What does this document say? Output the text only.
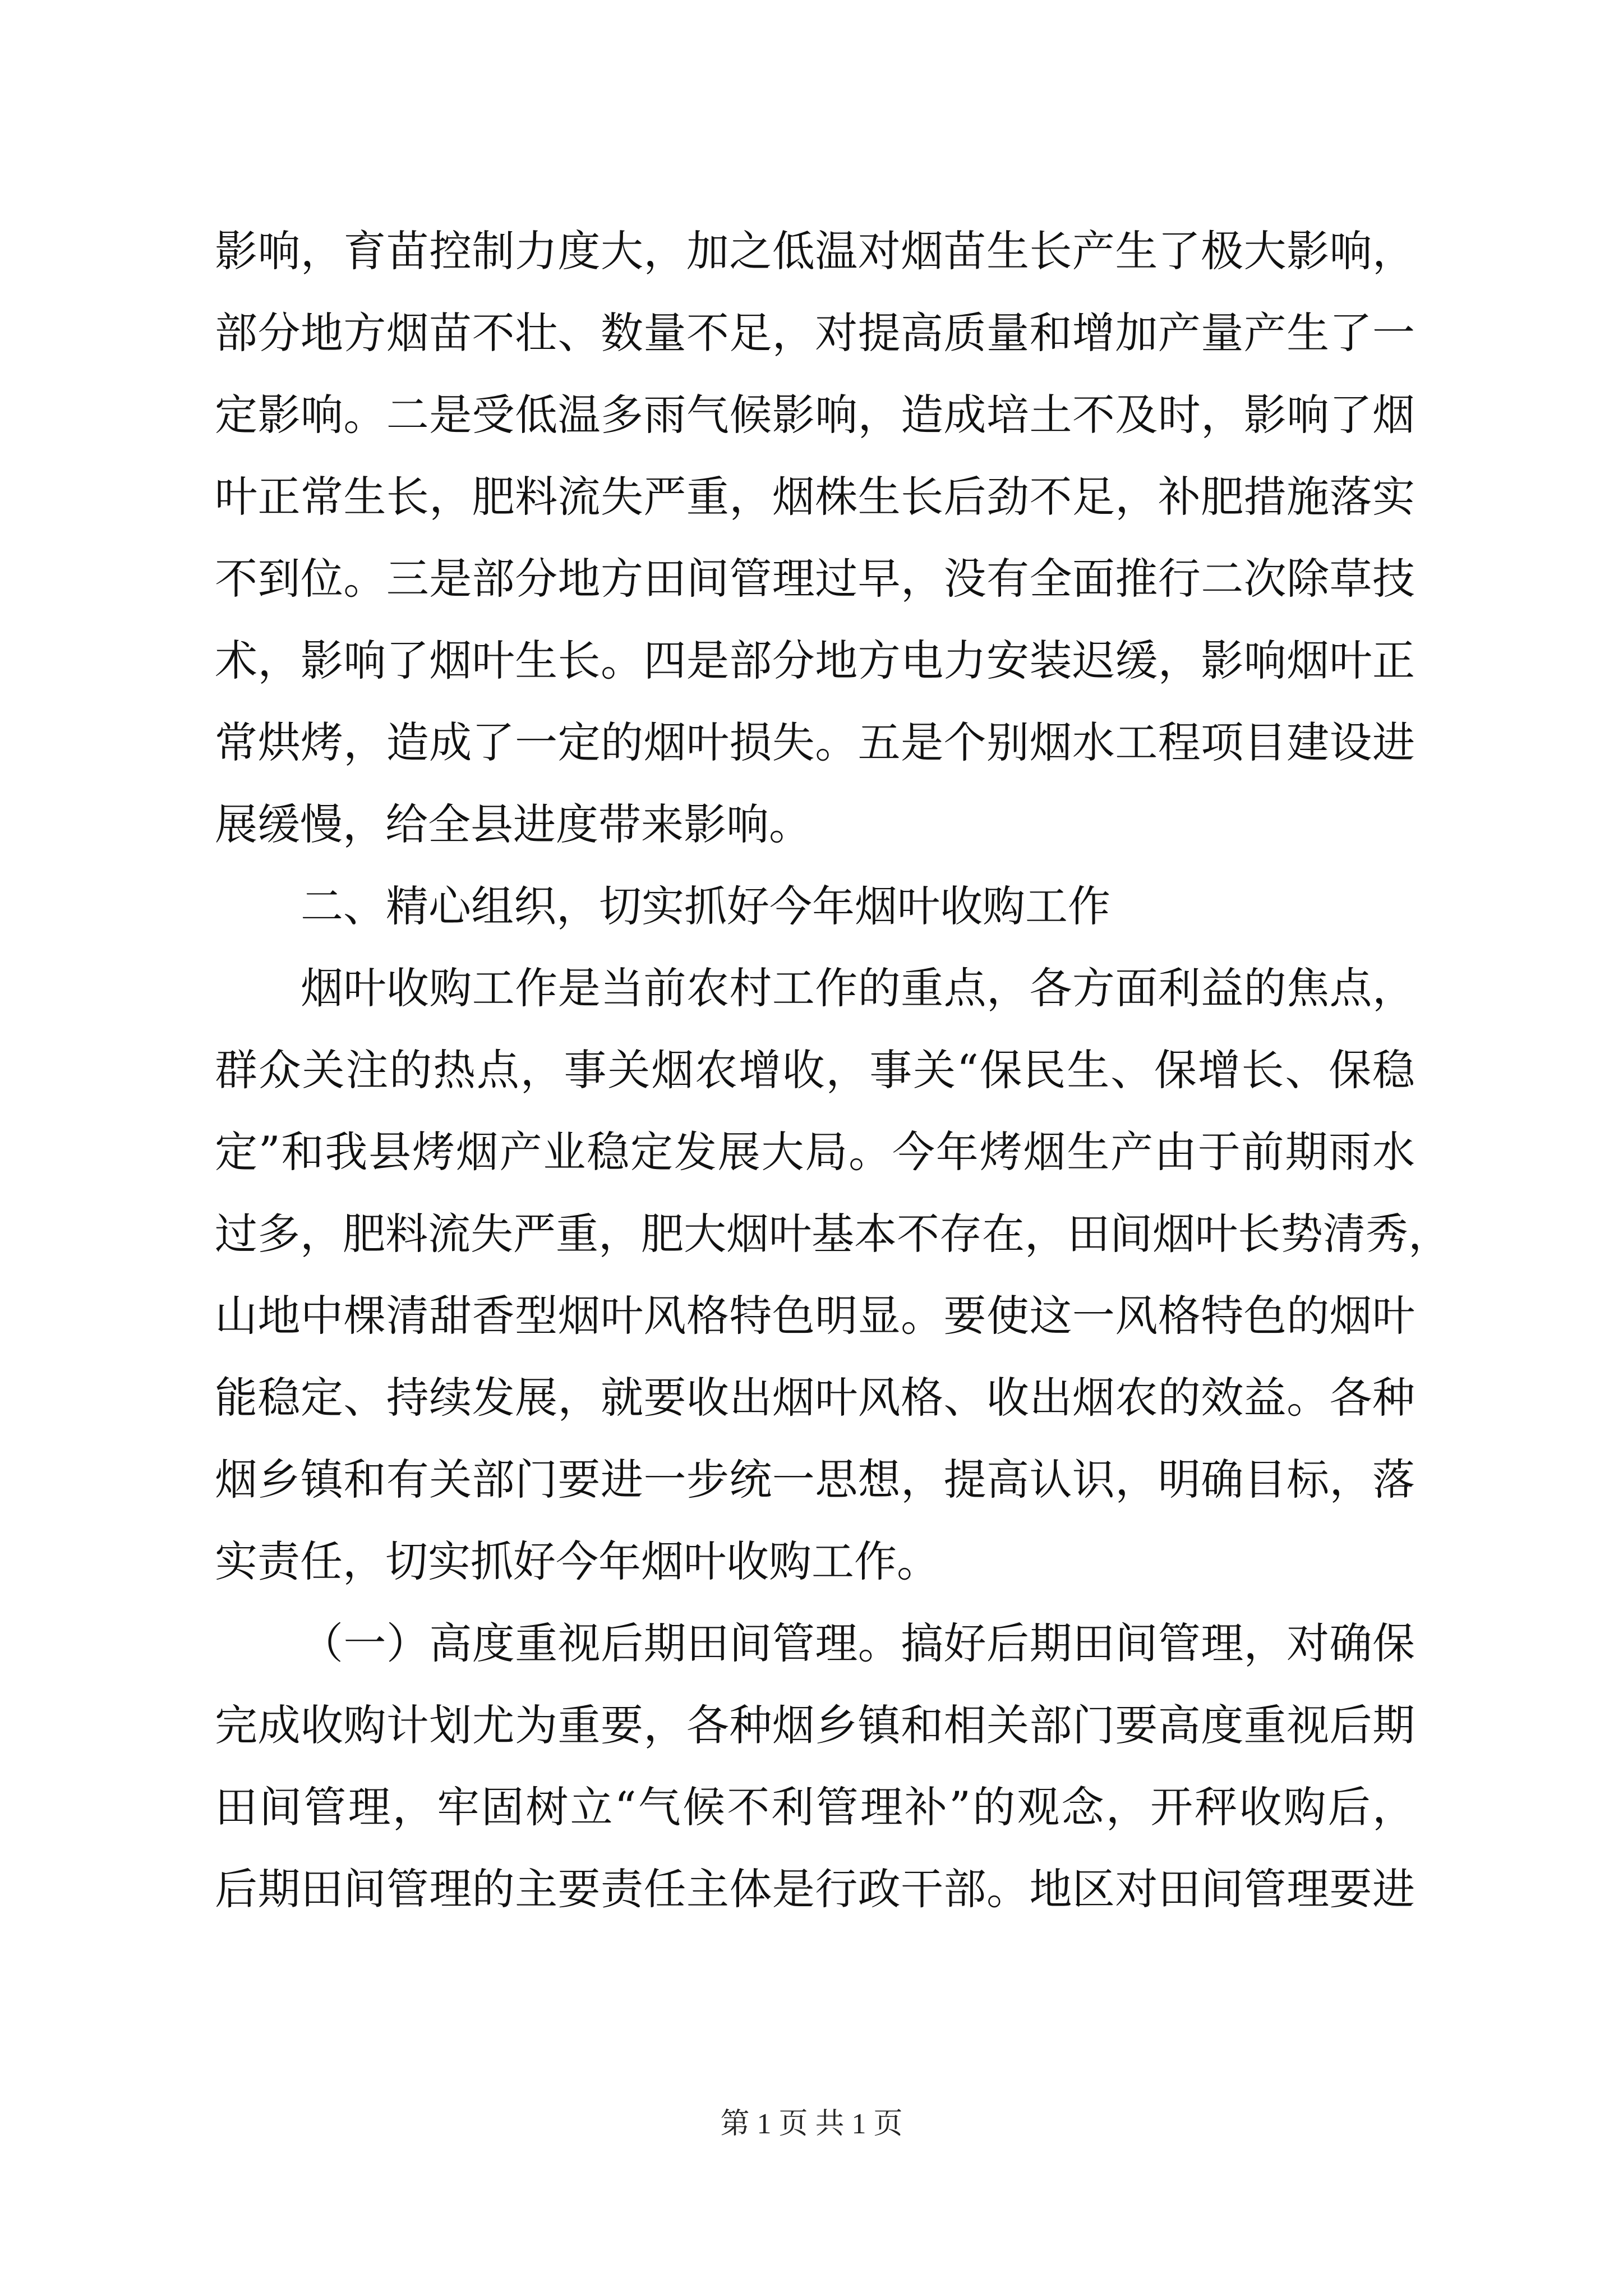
影响，育苗控制力度大，加之低温对烟苗生长产生了极大影响，
部分地方烟苗不壮、数量不足，对提高质量和增加产量产生了一
定影响。二是受低温多雨气候影响，造成培土不及时，影响了烟
叶正常生长，肥料流失严重，烟株生长后劲不足，补肥措施落实
不到位。三是部分地方田间管理过早，没有全面推行二次除草技
术，影响了烟叶生长。四是部分地方电力安装迟缓，影响烟叶正
常烘烤，造成了一定的烟叶损失。五是个别烟水工程项目建设进
展缓慢，给全县进度带来影响。
二、精心组织，切实抓好今年烟叶收购工作
烟叶收购工作是当前农村工作的重点，各方面利益的焦点，
群众关注的热点，事关烟农增收，事关“保民生、保增长、保稳
定”和我县烤烟产业稳定发展大局。今年烤烟生产由于前期雨水
过多，肥料流失严重，肥大烟叶基本不存在，田间烟叶长势清秀，
山地中棵清甜香型烟叶风格特色明显。要使这一风格特色的烟叶
能稳定、持续发展，就要收出烟叶风格、收出烟农的效益。各种
烟乡镇和有关部门要进一步统一思想，提高认识，明确目标，落
实责任，切实抓好今年烟叶收购工作。
（一）高度重视后期田间管理。搞好后期田间管理，对确保
完成收购计划尤为重要，各种烟乡镇和相关部门要高度重视后期
田间管理，牢固树立“气候不利管理补”的观念，开秤收购后，
后期田间管理的主要责任主体是行政干部。地区对田间管理要进
第 1 页 共 1 页
